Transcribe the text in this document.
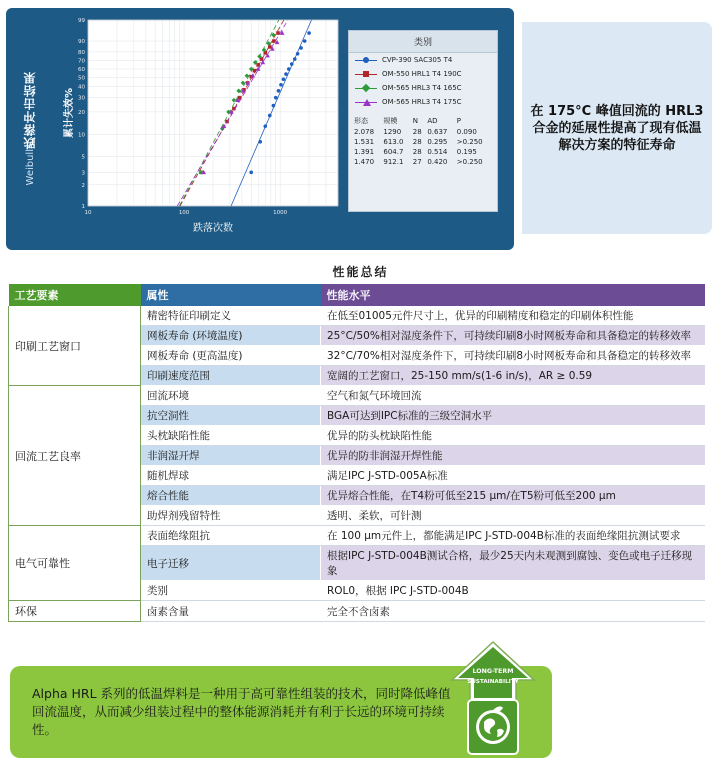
跌落冲击结果
Weibull
99
90
80
70
60
50
40
30
20
10
5
3
2
1
10	100	1000
累计失效%
跌落次数
类别
CVP-390 SAC305 T4
OM-550 HRL1 T4 190C
OM-565 HRL3 T4 165C
OM-565 HRL3 T4 175C
形态	规模	N	AD	P
2.078	1290	28	0.637	0.090
1.531	613.0	28	0.295	>0.250
1.391	604.7	28	0.514	0.195
1.470	912.1	27	0.420	>0.250
在 175°C 峰值回流的 HRL3 合金的延展性提高了现有低温解决方案的特征寿命
性能总结
工艺要素	属性	性能水平
印刷工艺窗口	精密特征印刷定义	在低至01005元件尺寸上，优异的印刷精度和稳定的印刷体积性能
	网板寿命 (环境温度)	25°C/50%相对湿度条件下，可持续印刷8小时网板寿命和具备稳定的转移效率
	网板寿命 (更高温度)	32°C/70%相对湿度条件下，可持续印刷8小时网板寿命和具备稳定的转移效率
	印刷速度范围	宽阔的工艺窗口，25-150 mm/s(1-6 in/s)，AR ≥ 0.59
回流工艺良率	回流环境	空气和氮气环境回流
	抗空洞性	BGA可达到IPC标准的三级空洞水平
	头枕缺陷性能	优异的防头枕缺陷性能
	非润湿开焊	优异的防非润湿开焊性能
	随机焊球	满足IPC J-STD-005A标准
	熔合性能	优异熔合性能，在T4粉可低至215 µm/在T5粉可低至200 µm
	助焊剂残留特性	透明、柔软，可针测
电气可靠性	表面绝缘阻抗	在 100 µm元件上，都能满足IPC J-STD-004B标准的表面绝缘阻抗测试要求
	电子迁移	根据IPC J-STD-004B测试合格，最少25天内未观测到腐蚀、变色或电子迁移现象
	类别	ROL0，根据 IPC J-STD-004B
环保	卤素含量	完全不含卤素

Alpha HRL 系列的低温焊料是一种用于高可靠性组装的技术，同时降低峰值回流温度，从而减少组装过程中的整体能源消耗并有利于长远的环境可持续性。

LONG-TERM
SUSTAINABILITY
